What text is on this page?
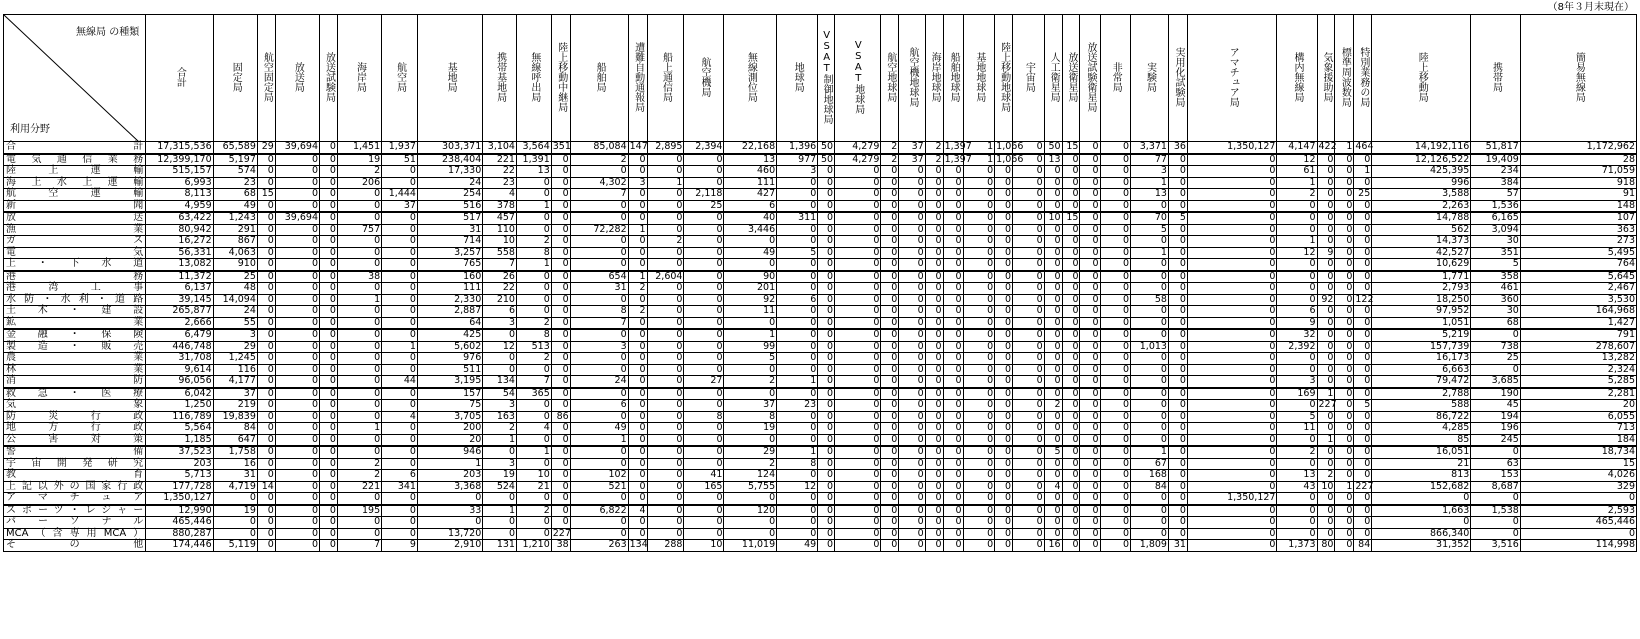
（8年３月末現在）
無線局 の種類
利用分野	合計	固定局	航空固定局	放送局	放送試験局	海岸局	航空局	基地局	携帯基地局	無線呼出局	陸上移動中継局	船舶局	遭難自動通報局	船上通信局	航空機局	無線測位局	地球局	VSAT制御地球局	VSAT地球局	航空地球局	航空機地球局	海岸地球局	船舶地球局	基地地球局	陸上移動地球局	宇宙局	人工衛星局	放送衛星局	放送試験衛星局	非常局	実験局	実用化試験局	アマチュア局	構内無線局	気象援助局	標準周波数局	特別業務の局	陸上移動局	携帯局	簡易無線局
合計	17,315,536	65,589	29	39,694	0	1,451	1,937	303,371	3,104	3,564	351	85,084	147	2,895	2,394	22,168	1,396	50	4,279	2	37	2	1,397	1	1,066	0	50	15	0	0	3,371	36	1,350,127	4,147	422	1	464	14,192,116	51,817	1,172,962
電気通信業務	12,399,170	5,197	0	0	0	19	51	238,404	221	1,391	0	2	0	0	0	13	977	50	4,279	2	37	2	1,397	1	1,066	0	13	0	0	0	77	0	0	12	0	0	0	12,126,522	19,409	28
陸上運輸	515,157	574	0	0	0	2	0	17,330	22	13	0	0	0	0	0	460	3	0	0	0	0	0	0	0	0	0	0	0	0	0	3	0	0	61	0	0	1	425,395	234	71,059
海上水上運輸	6,993	23	0	0	0	206	0	24	23	0	0	4,302	3	1	0	111	0	0	0	0	0	0	0	0	0	0	0	0	0	0	1	0	0	1	0	0	0	996	384	918
航空運輸	8,113	68	15	0	0	0	1,444	254	4	0	0	7	0	0	2,118	427	0	0	0	0	0	0	0	0	0	0	0	0	0	0	13	0	0	2	0	0	25	3,588	57	91
新聞	4,959	49	0	0	0	0	37	516	378	1	0	0	0	0	25	6	0	0	0	0	0	0	0	0	0	0	0	0	0	0	0	0	0	0	0	0	0	2,263	1,536	148
放送	63,422	1,243	0	39,694	0	0	0	517	457	0	0	0	0	0	0	40	311	0	0	0	0	0	0	0	0	0	10	15	0	0	70	5	0	0	0	0	0	14,788	6,165	107
漁業	80,942	291	0	0	0	757	0	31	110	0	0	72,282	1	0	0	3,446	0	0	0	0	0	0	0	0	0	0	0	0	0	0	5	0	0	0	0	0	0	562	3,094	363
ガス	16,272	867	0	0	0	0	0	714	10	2	0	0	0	2	0	0	0	0	0	0	0	0	0	0	0	0	0	0	0	0	0	0	0	1	0	0	0	14,373	30	273
電気	56,331	4,063	0	0	0	0	0	3,257	558	8	0	0	0	0	0	49	5	0	0	0	0	0	0	0	0	0	0	0	0	0	1	0	0	12	9	0	0	42,527	351	5,495
上・下水道	13,082	910	0	0	0	0	0	765	7	1	0	0	0	0	0	0	0	0	0	0	0	0	0	0	0	0	0	0	0	0	0	0	0	0	0	0	0	10,629	5	764
港務	11,372	25	0	0	0	38	0	160	26	0	0	654	1	2,604	0	90	0	0	0	0	0	0	0	0	0	0	0	0	0	0	0	0	0	0	0	0	0	1,771	358	5,645
港湾工事	6,137	48	0	0	0	0	0	111	22	0	0	31	2	0	0	201	0	0	0	0	0	0	0	0	0	0	0	0	0	0	0	0	0	0	0	0	0	2,793	461	2,467
水防・水利・道路	39,145	14,094	0	0	0	1	0	2,330	210	0	0	0	0	0	0	92	6	0	0	0	0	0	0	0	0	0	0	0	0	0	58	0	0	0	92	0	122	18,250	360	3,530
土木・建設	265,877	24	0	0	0	0	0	2,887	6	0	0	8	2	0	0	11	0	0	0	0	0	0	0	0	0	0	0	0	0	0	0	0	0	6	0	0	0	97,952	30	164,968
鉱業	2,666	55	0	0	0	0	0	64	3	2	0	7	0	0	0	0	0	0	0	0	0	0	0	0	0	0	0	0	0	0	0	0	0	9	0	0	0	1,051	68	1,427
金融・保険	6,479	3	0	0	0	0	0	425	0	8	0	0	0	0	0	1	0	0	0	0	0	0	0	0	0	0	0	0	0	0	0	0	0	32	0	0	0	5,219	0	791
製造・販売	446,748	29	0	0	0	0	1	5,602	12	513	0	3	0	0	0	99	0	0	0	0	0	0	0	0	0	0	0	0	0	0	1,013	0	0	2,392	0	0	0	157,739	738	278,607
農業	31,708	1,245	0	0	0	0	0	976	0	2	0	0	0	0	0	5	0	0	0	0	0	0	0	0	0	0	0	0	0	0	0	0	0	0	0	0	0	16,173	25	13,282
林業	9,614	116	0	0	0	0	0	511	0	0	0	0	0	0	0	0	0	0	0	0	0	0	0	0	0	0	0	0	0	0	0	0	0	0	0	0	0	6,663	0	2,324
消防	96,056	4,177	0	0	0	0	44	3,195	134	7	0	24	0	0	27	2	1	0	0	0	0	0	0	0	0	0	0	0	0	0	0	0	0	3	0	0	0	79,472	3,685	5,285
救急・医療	6,042	37	0	0	0	0	0	157	54	365	0	0	0	0	0	0	0	0	0	0	0	0	0	0	0	0	0	0	0	0	0	0	0	169	1	0	0	2,788	190	2,281
気象	1,250	219	0	0	0	0	0	75	3	0	0	6	0	0	0	37	23	0	0	0	0	0	0	0	0	0	2	0	0	0	0	0	0	0	227	0	5	588	45	20
防災行政	116,789	19,839	0	0	0	0	4	3,705	163	0	86	0	0	0	8	8	0	0	0	0	0	0	0	0	0	0	0	0	0	0	0	0	0	5	0	0	0	86,722	194	6,055
地方行政	5,564	84	0	0	0	1	0	200	2	4	0	49	0	0	0	19	0	0	0	0	0	0	0	0	0	0	0	0	0	0	0	0	0	11	0	0	0	4,285	196	713
公害対策	1,185	647	0	0	0	0	0	20	1	0	0	1	0	0	0	0	0	0	0	0	0	0	0	0	0	0	0	0	0	0	0	0	0	0	1	0	0	85	245	184
警備	37,523	1,758	0	0	0	0	0	946	0	1	0	0	0	0	0	29	1	0	0	0	0	0	0	0	0	0	5	0	0	0	1	0	0	2	0	0	0	16,051	0	18,734
宇宙開発研究	203	16	0	0	0	2	0	1	3	0	0	0	0	0	0	2	8	0	0	0	0	0	0	0	0	0	0	0	0	0	67	0	0	0	0	0	0	21	63	15
教育	5,713	31	0	0	0	2	6	203	19	10	0	102	0	0	41	124	0	0	0	0	0	0	0	0	0	0	0	0	0	0	168	0	0	13	2	0	0	813	153	4,026
上記以外の国家行政	177,728	4,719	14	0	0	221	341	3,368	524	21	0	521	0	0	165	5,755	12	0	0	0	0	0	0	0	0	0	4	0	0	0	84	0	0	43	10	1	227	152,682	8,687	329
アマチュア	1,350,127	0	0	0	0	0	0	0	0	0	0	0	0	0	0	0	0	0	0	0	0	0	0	0	0	0	0	0	0	0	0	0	1,350,127	0	0	0	0	0	0	0
スポーツ・レジャー	12,990	19	0	0	0	195	0	33	1	2	0	6,822	4	0	0	120	0	0	0	0	0	0	0	0	0	0	0	0	0	0	0	0	0	0	0	0	0	1,663	1,538	2,593
パーソナル	465,446	0	0	0	0	0	0	0	0	0	0	0	0	0	0	0	0	0	0	0	0	0	0	0	0	0	0	0	0	0	0	0	0	0	0	0	0	0	0	465,446
MCA（含専用MCA）	880,287	0	0	0	0	0	0	13,720	0	0	227	0	0	0	0	0	0	0	0	0	0	0	0	0	0	0	0	0	0	0	0	0	0	0	0	0	0	866,340	0	0
その他	174,446	5,119	0	0	0	7	9	2,910	131	1,210	38	263	134	288	10	11,019	49	0	0	0	0	0	0	0	0	0	16	0	0	0	1,809	31	0	1,373	80	0	84	31,352	3,516	114,998
